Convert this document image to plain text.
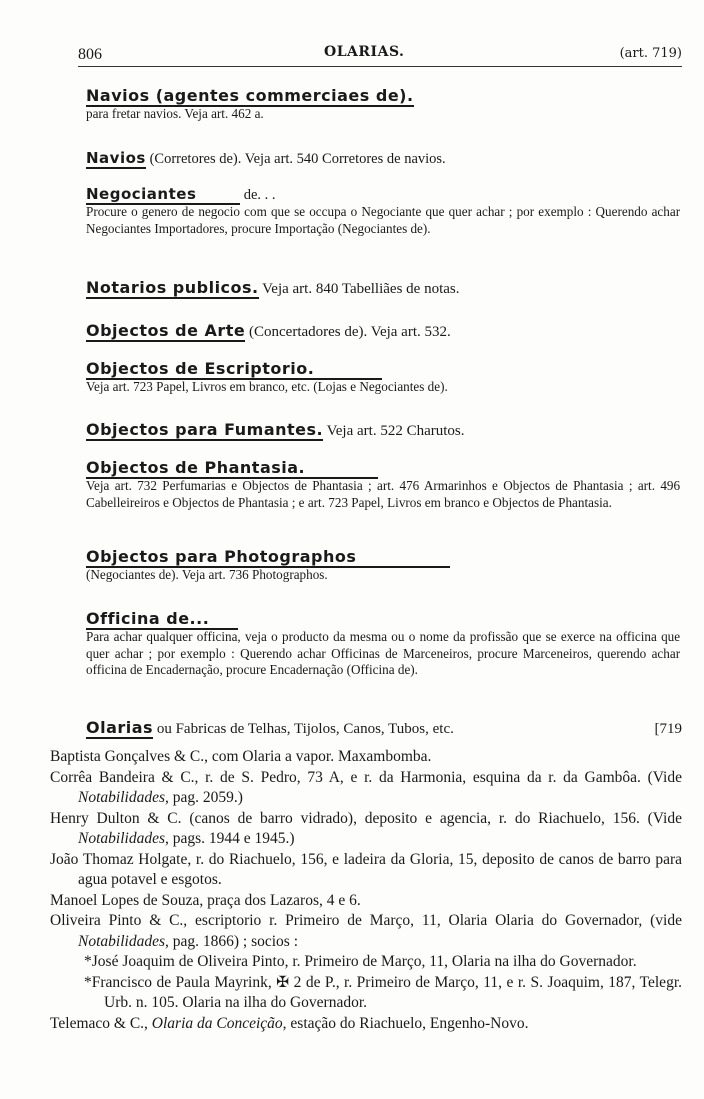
806	OLARIAS.	(art. 719)
Navios (agentes commerciaes de).
para fretar navios. Veja art. 462 a.
Navios (Corretores de). Veja art. 540 Corretores de navios.
Negociantes	de. . .
Procure o genero de negocio com que se occupa o Negociante que quer achar ; por exemplo : Querendo achar Negociantes Importadores, procure Importação (Negociantes de).
Notarios publicos. Veja art. 840 Tabelliães de notas.
Objectos de Arte (Concertadores de). Veja art. 532.
Objectos de Escriptorio.
Veja art. 723 Papel, Livros em branco, etc. (Lojas e Negociantes de).
Objectos para Fumantes. Veja art. 522 Charutos.
Objectos de Phantasia.
Veja art. 732 Perfumarias e Objectos de Phantasia ; art. 476 Armarinhos e Objectos de Phantasia ; art. 496 Cabelleireiros e Objectos de Phantasia ; e art. 723 Papel, Livros em branco e Objectos de Phantasia.
Objectos para Photographos
(Negociantes de). Veja art. 736 Photographos.
Officina de...
Para achar qualquer officina, veja o producto da mesma ou o nome da profissão que se exerce na officina que quer achar ; por exemplo : Querendo achar Officinas de Marceneiros, procure Marceneiros, querendo achar officina de Encadernação, procure Encadernação (Officina de).
Olarias ou Fabricas de Telhas, Tijolos, Canos, Tubos, etc.	[719
Baptista Gonçalves & C., com Olaria a vapor. Maxambomba.
Corrêa Bandeira & C., r. de S. Pedro, 73 A, e r. da Harmonia, esquina da r. da Gambôa. (Vide Notabilidades, pag. 2059.)
Henry Dulton & C. (canos de barro vidrado), deposito e agencia, r. do Riachuelo, 156. (Vide Notabilidades, pags. 1944 e 1945.)
João Thomaz Holgate, r. do Riachuelo, 156, e ladeira da Gloria, 15, deposito de canos de barro para agua potavel e esgotos.
Manoel Lopes de Souza, praça dos Lazaros, 4 e 6.
Oliveira Pinto & C., escriptorio r. Primeiro de Março, 11, Olaria Olaria do Governador, (vide Notabilidades, pag. 1866) ; socios :
*José Joaquim de Oliveira Pinto, r. Primeiro de Março, 11, Olaria na ilha do Governador.
*Francisco de Paula Mayrink, ✠ 2 de P., r. Primeiro de Março, 11, e r. S. Joaquim, 187, Telegr. Urb. n. 105. Olaria na ilha do Governador.
Telemaco & C., Olaria da Conceição, estação do Riachuelo, Engenho-Novo.
